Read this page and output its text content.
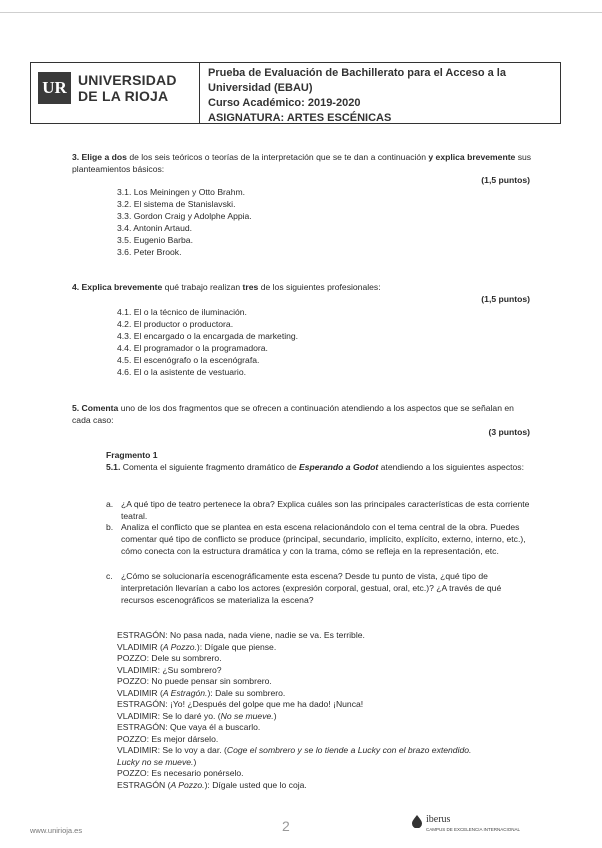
UR UNIVERSIDAD
DE LA RIOJA
Prueba de Evaluación de Bachillerato para el Acceso a la
Universidad (EBAU)
Curso Académico: 2019-2020
ASIGNATURA: ARTES ESCÉNICAS
3. Elige a dos de los seis teóricos o teorías de la interpretación que se te dan a continuación y explica brevemente sus planteamientos básicos:
(1,5 puntos)
3.1. Los Meiningen y Otto Brahm.
3.2. El sistema de Stanislavski.
3.3. Gordon Craig y Adolphe Appia.
3.4. Antonin Artaud.
3.5. Eugenio Barba.
3.6. Peter Brook.
4. Explica brevemente qué trabajo realizan tres de los siguientes profesionales:
(1,5 puntos)
4.1. El o la técnico de iluminación.
4.2. El productor o productora.
4.3. El encargado o la encargada de marketing.
4.4. El programador o la programadora.
4.5. El escenógrafo o la escenógrafa.
4.6. El o la asistente de vestuario.
5. Comenta uno de los dos fragmentos que se ofrecen a continuación atendiendo a los aspectos que se señalan en cada caso:
(3 puntos)
Fragmento 1
5.1. Comenta el siguiente fragmento dramático de Esperando a Godot atendiendo a los siguientes aspectos:
a. ¿A qué tipo de teatro pertenece la obra? Explica cuáles son las principales características de esta corriente teatral.
b. Analiza el conflicto que se plantea en esta escena relacionándolo con el tema central de la obra. Puedes comentar qué tipo de conflicto se produce (principal, secundario, implícito, explícito, externo, interno, etc.), cómo conecta con la estructura dramática y con la trama, cómo se refleja en la representación, etc.
c. ¿Cómo se solucionaría escenográficamente esta escena? Desde tu punto de vista, ¿qué tipo de interpretación llevarían a cabo los actores (expresión corporal, gestual, oral, etc.)? ¿A través de qué recursos escenográficos se materializa la escena?
ESTRAGÓN: No pasa nada, nada viene, nadie se va. Es terrible.
VLADIMIR (A Pozzo.): Dígale que piense.
POZZO: Dele su sombrero.
VLADIMIR: ¿Su sombrero?
POZZO: No puede pensar sin sombrero.
VLADIMIR (A Estragón.): Dale su sombrero.
ESTRAGÓN: ¡Yo! ¿Después del golpe que me ha dado! ¡Nunca!
VLADIMIR: Se lo daré yo. (No se mueve.)
ESTRAGÓN: Que vaya él a buscarlo.
POZZO: Es mejor dárselo.
VLADIMIR: Se lo voy a dar. (Coge el sombrero y se lo tiende a Lucky con el brazo extendido.
Lucky no se mueve.)
POZZO: Es necesario ponérselo.
ESTRAGÓN (A Pozzo.): Dígale usted que lo coja.
www.unirioja.es	2	iberus
CAMPUS DE EXCELENCIA INTERNACIONAL
